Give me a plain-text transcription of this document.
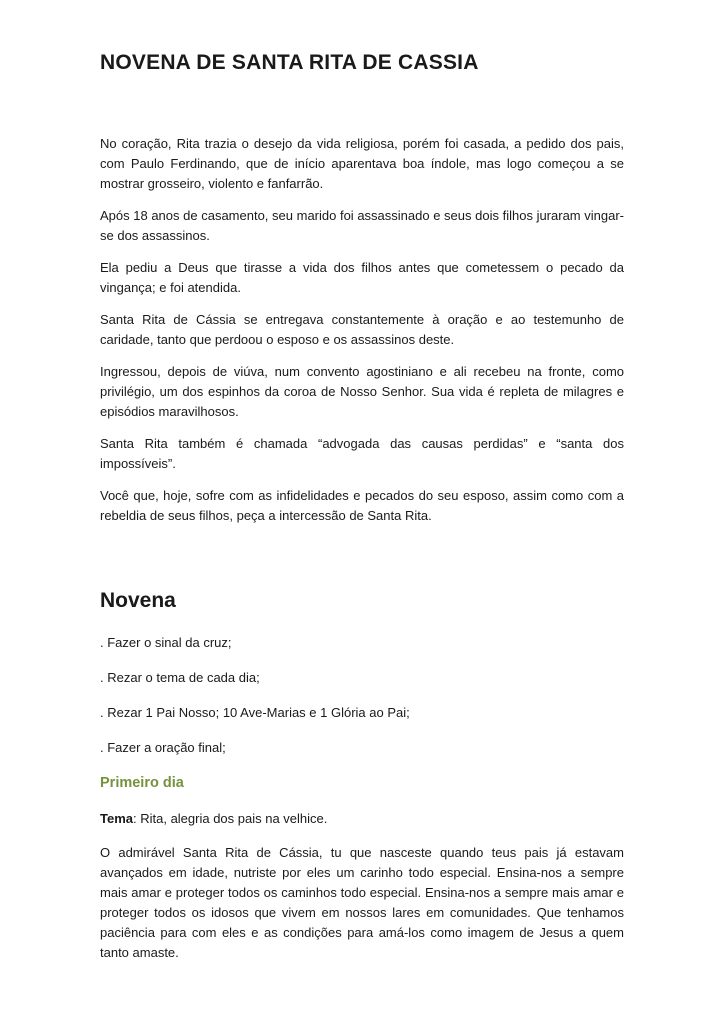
NOVENA DE SANTA RITA DE CASSIA

No coração, Rita trazia o desejo da vida religiosa, porém foi casada, a pedido dos pais, com Paulo Ferdinando, que de início aparentava boa índole, mas logo começou a se mostrar grosseiro, violento e fanfarrão.

Após 18 anos de casamento, seu marido foi assassinado e seus dois filhos juraram vingar-se dos assassinos.

Ela pediu a Deus que tirasse a vida dos filhos antes que cometessem o pecado da vingança; e foi atendida.

Santa Rita de Cássia se entregava constantemente à oração e ao testemunho de caridade, tanto que perdoou o esposo e os assassinos deste.

Ingressou, depois de viúva, num convento agostiniano e ali recebeu na fronte, como privilégio, um dos espinhos da coroa de Nosso Senhor. Sua vida é repleta de milagres e episódios maravilhosos.

Santa Rita também é chamada “advogada das causas perdidas” e “santa dos impossíveis”.

Você que, hoje, sofre com as infidelidades e pecados do seu esposo, assim como com a rebeldia de seus filhos, peça a intercessão de Santa Rita.

Novena

. Fazer o sinal da cruz;

. Rezar o tema de cada dia;

. Rezar 1 Pai Nosso; 10 Ave-Marias e 1 Glória ao Pai;

. Fazer a oração final;

Primeiro dia

Tema: Rita, alegria dos pais na velhice.

O admirável Santa Rita de Cássia, tu que nasceste quando teus pais já estavam avançados em idade, nutriste por eles um carinho todo especial. Ensina-nos a sempre mais amar e proteger todos os caminhos todo especial. Ensina-nos a sempre mais amar e proteger todos os idosos que vivem em nossos lares em comunidades. Que tenhamos paciência para com eles e as condições para amá-los como imagem de Jesus a quem tanto amaste.
